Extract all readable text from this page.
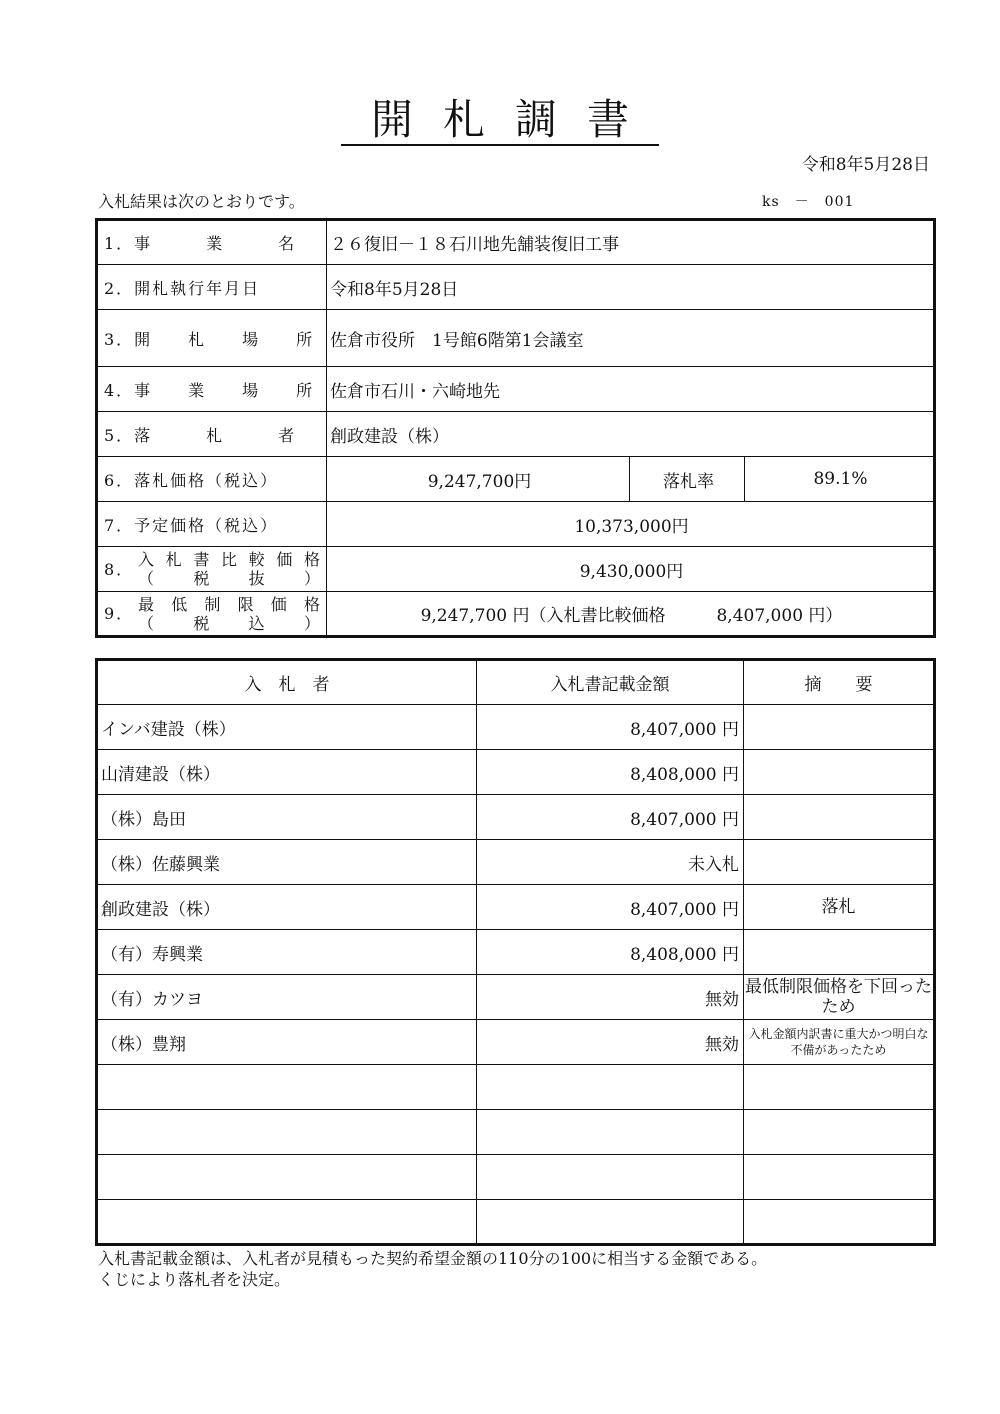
開札調書
令和8年5月28日
入札結果は次のとおりです。	ks　－　001
1．事　　　業　　　名	２６復旧－１８石川地先舗装復旧工事		
2．開札執行年月日	令和8年5月28日		
3．開　　札　　場　　所	佐倉市役所　1号館6階第1会議室		
4．事　　業　　場　　所	佐倉市石川・六崎地先		
5．落　　　札　　　者	創政建設（株）		
6．落札価格（税込）	9,247,700円	落札率	89.1%
7．予定価格（税込）	10,373,000円		

8． 入札書比較価格
（税抜）	9,430,000円		

9． 最低制限価格
（税込）	9,247,700 円（入札書比較価格　　　8,407,000 円）		
入　札　者	入札書記載金額	摘　　要
インバ建設（株）	8,407,000 円	
山清建設（株）	8,408,000 円	
（株）島田	8,407,000 円	
（株）佐藤興業	未入札	
創政建設（株）	8,407,000 円	落札
（有）寿興業	8,408,000 円	
（有）カツヨ	無効	最低制限価格を下回ったため
（株）豊翔	無効	入札金額内訳書に重大かつ明白な不備があったため

入札書記載金額は、入札者が見積もった契約希望金額の110分の100に相当する金額である。
くじにより落札者を決定。
